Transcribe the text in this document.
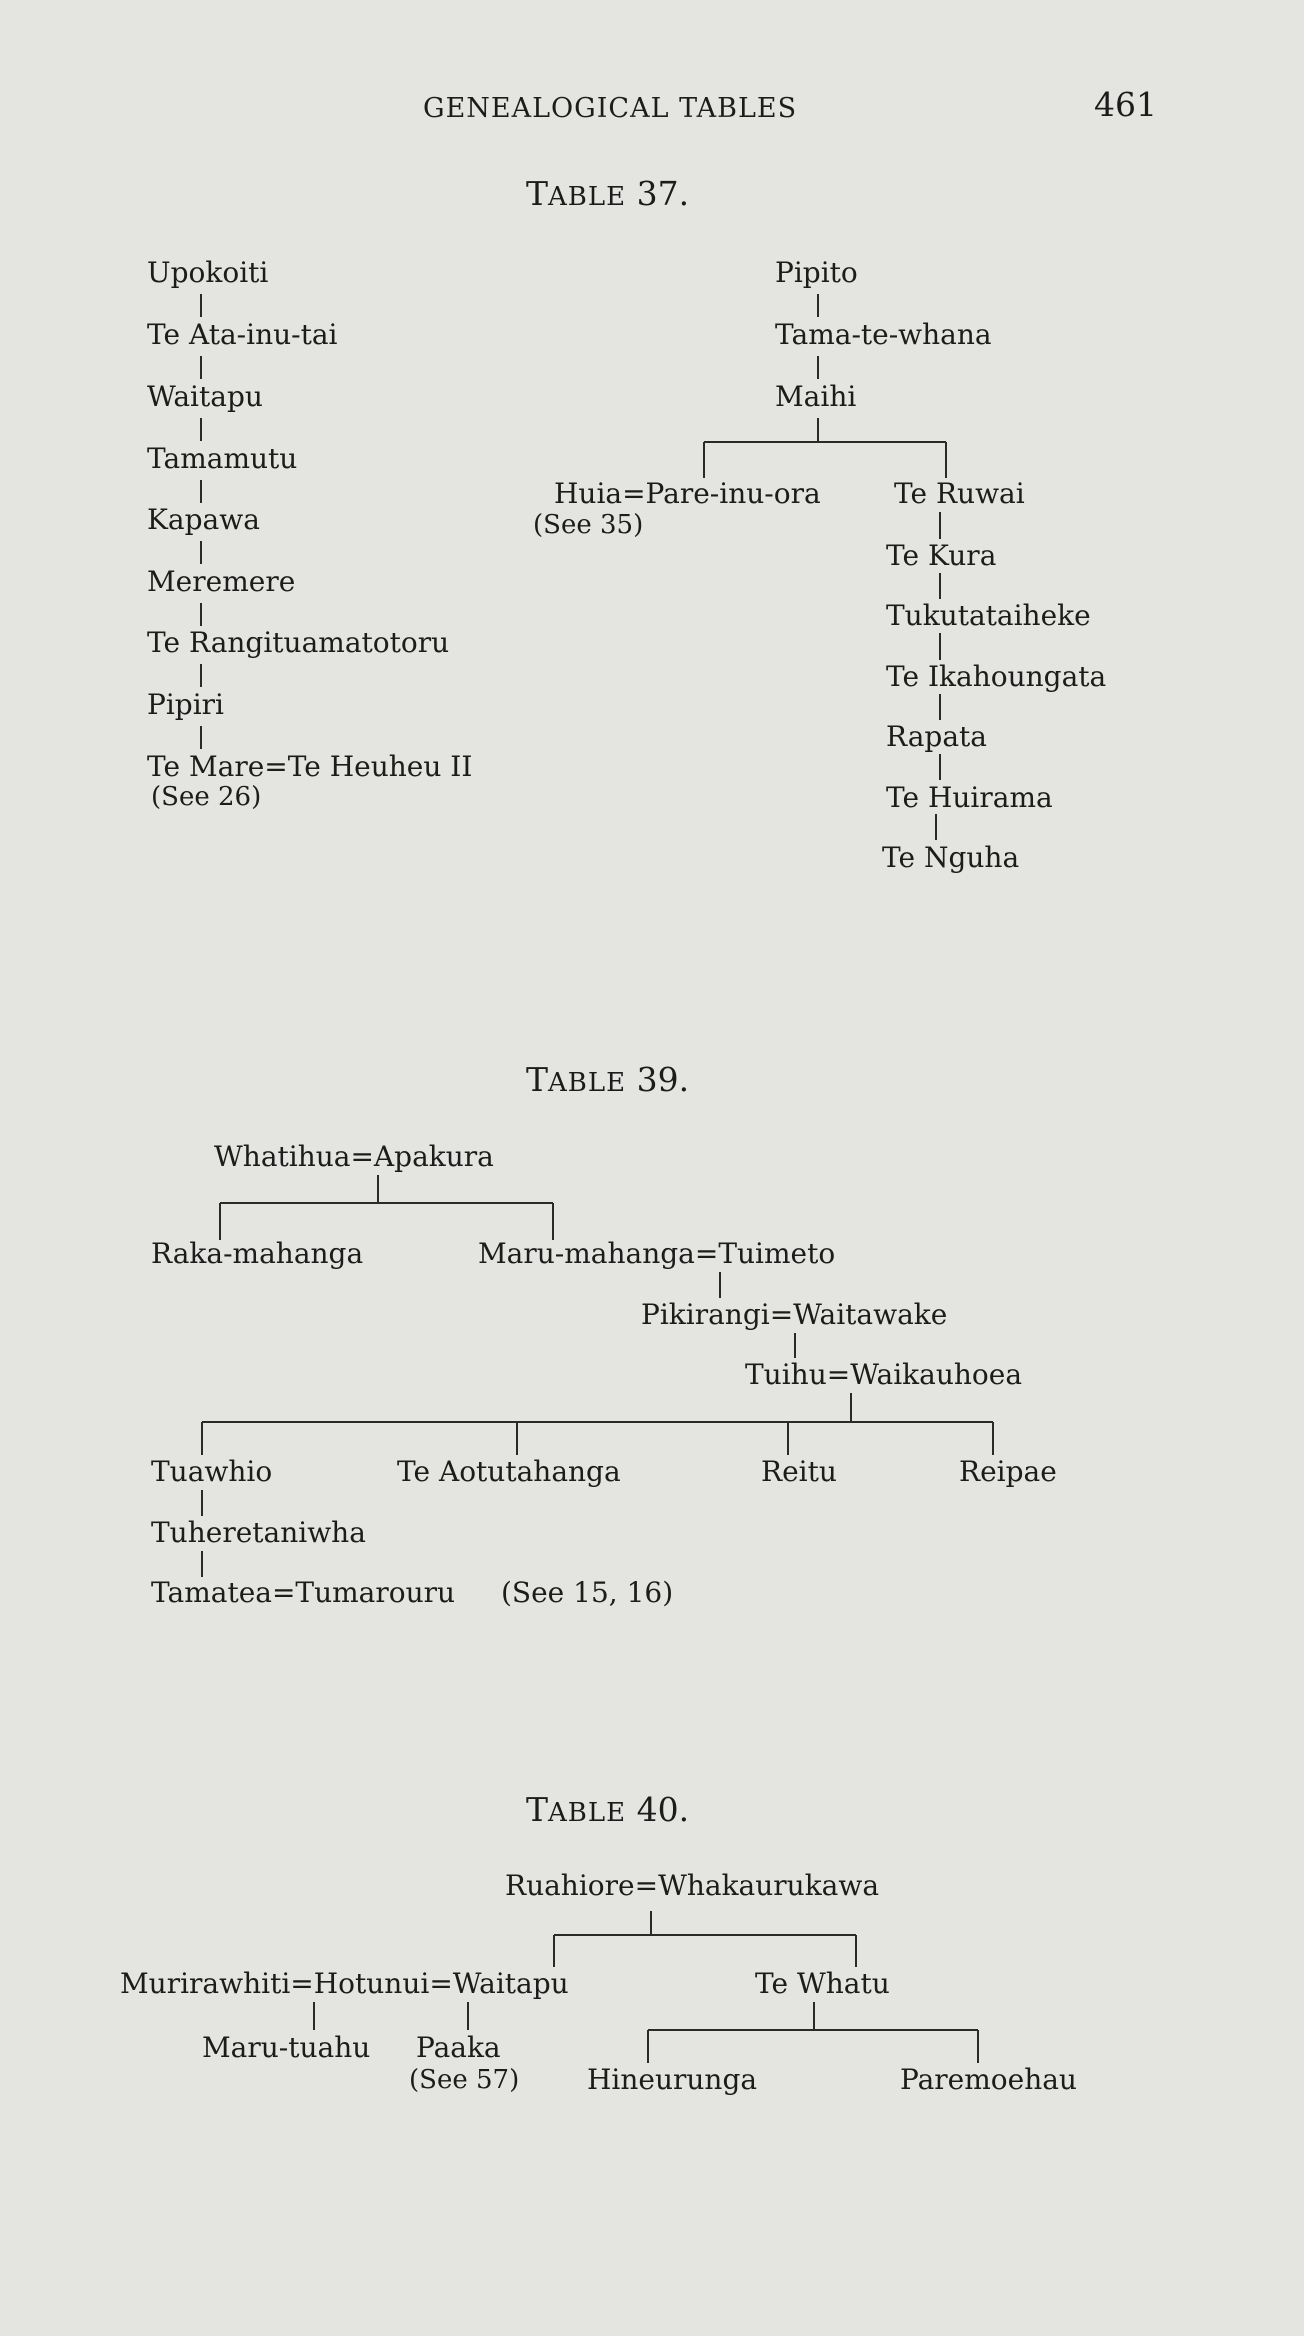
GENEALOGICAL TABLES	461
TABLE 37.
Upokoiti
Te Ata-inu-tai
Waitapu
Tamamutu
Kapawa
Meremere
Te Rangituamatotoru
Pipiri
Te Mare=Te Heuheu II
(See 26)
Pipito
Tama-te-whana
Maihi
Huia=Pare-inu-ora
(See 35)
Te Ruwai
Te Kura
Tukutataiheke
Te Ikahoungata
Rapata
Te Huirama
Te Nguha
TABLE 39.
Whatihua=Apakura
Raka-mahanga	Maru-mahanga=Tuimeto
Pikirangi=Waitawake
Tuihu=Waikauhoea
Tuawhio	Te Aotutahanga	Reitu	Reipae
Tuheretaniwha
Tamatea=Tumarouru (See 15, 16)
TABLE 40.
Ruahiore=Whakaurukawa
Murirawhiti=Hotunui=Waitapu	Te Whatu
Maru-tuahu Paaka
(See 57) Hineurunga	Paremoehau
